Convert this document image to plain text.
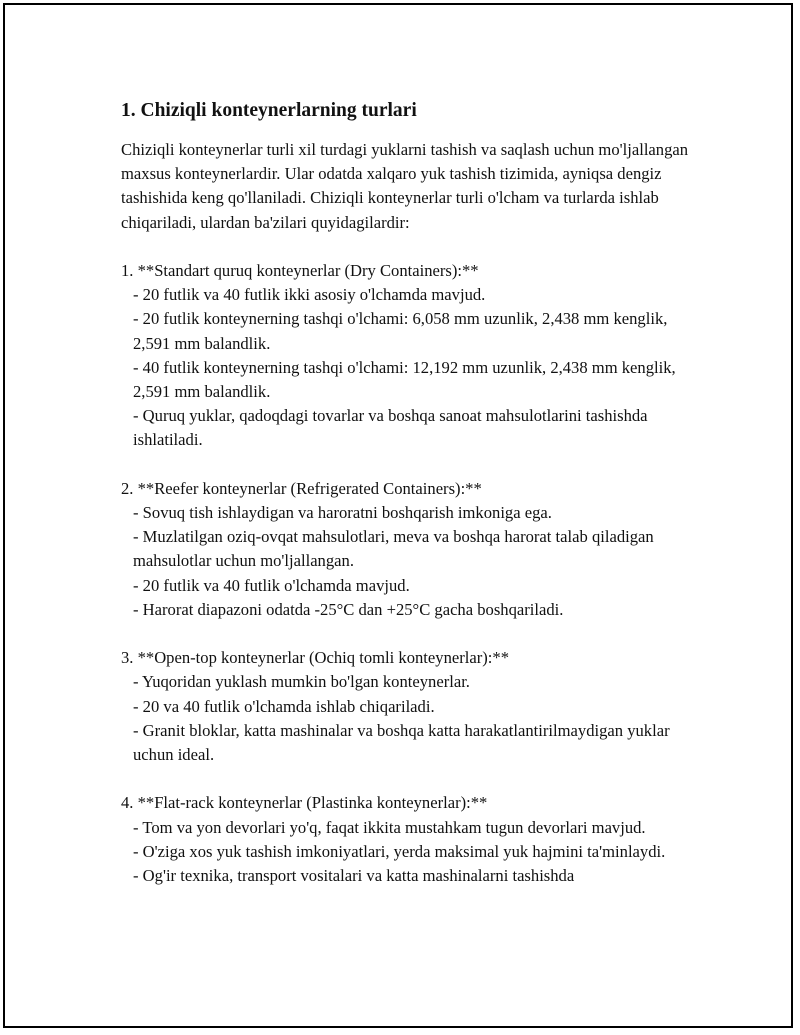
1. Chiziqli konteynerlarning turlari

Chiziqli konteynerlar turli xil turdagi yuklarni tashish va saqlash uchun mo'ljallangan maxsus konteynerlardir. Ular odatda xalqaro yuk tashish tizimida, ayniqsa dengiz tashishida keng qo'llaniladi. Chiziqli konteynerlar turli o'lcham va turlarda ishlab chiqariladi, ulardan ba'zilari quyidagilardir:

1. **Standart quruq konteynerlar (Dry Containers):**
- 20 futlik va 40 futlik ikki asosiy o'lchamda mavjud.
- 20 futlik konteynerning tashqi o'lchami: 6,058 mm uzunlik, 2,438 mm kenglik, 2,591 mm balandlik.
- 40 futlik konteynerning tashqi o'lchami: 12,192 mm uzunlik, 2,438 mm kenglik, 2,591 mm balandlik.
- Quruq yuklar, qadoqdagi tovarlar va boshqa sanoat mahsulotlarini tashishda ishlatiladi.
2. **Reefer konteynerlar (Refrigerated Containers):**
- Sovuq tish ishlaydigan va haroratni boshqarish imkoniga ega.
- Muzlatilgan oziq-ovqat mahsulotlari, meva va boshqa harorat talab qiladigan mahsulotlar uchun mo'ljallangan.
- 20 futlik va 40 futlik o'lchamda mavjud.
- Harorat diapazoni odatda -25°C dan +25°C gacha boshqariladi.
3. **Open-top konteynerlar (Ochiq tomli konteynerlar):**
- Yuqoridan yuklash mumkin bo'lgan konteynerlar.
- 20 va 40 futlik o'lchamda ishlab chiqariladi.
- Granit bloklar, katta mashinalar va boshqa katta harakatlantirilmaydigan yuklar uchun ideal.
4. **Flat-rack konteynerlar (Plastinka konteynerlar):**
- Tom va yon devorlari yo'q, faqat ikkita mustahkam tugun devorlari mavjud.
- O'ziga xos yuk tashish imkoniyatlari, yerda maksimal yuk hajmini ta'minlaydi.
- Og'ir texnika, transport vositalari va katta mashinalarni tashishda
